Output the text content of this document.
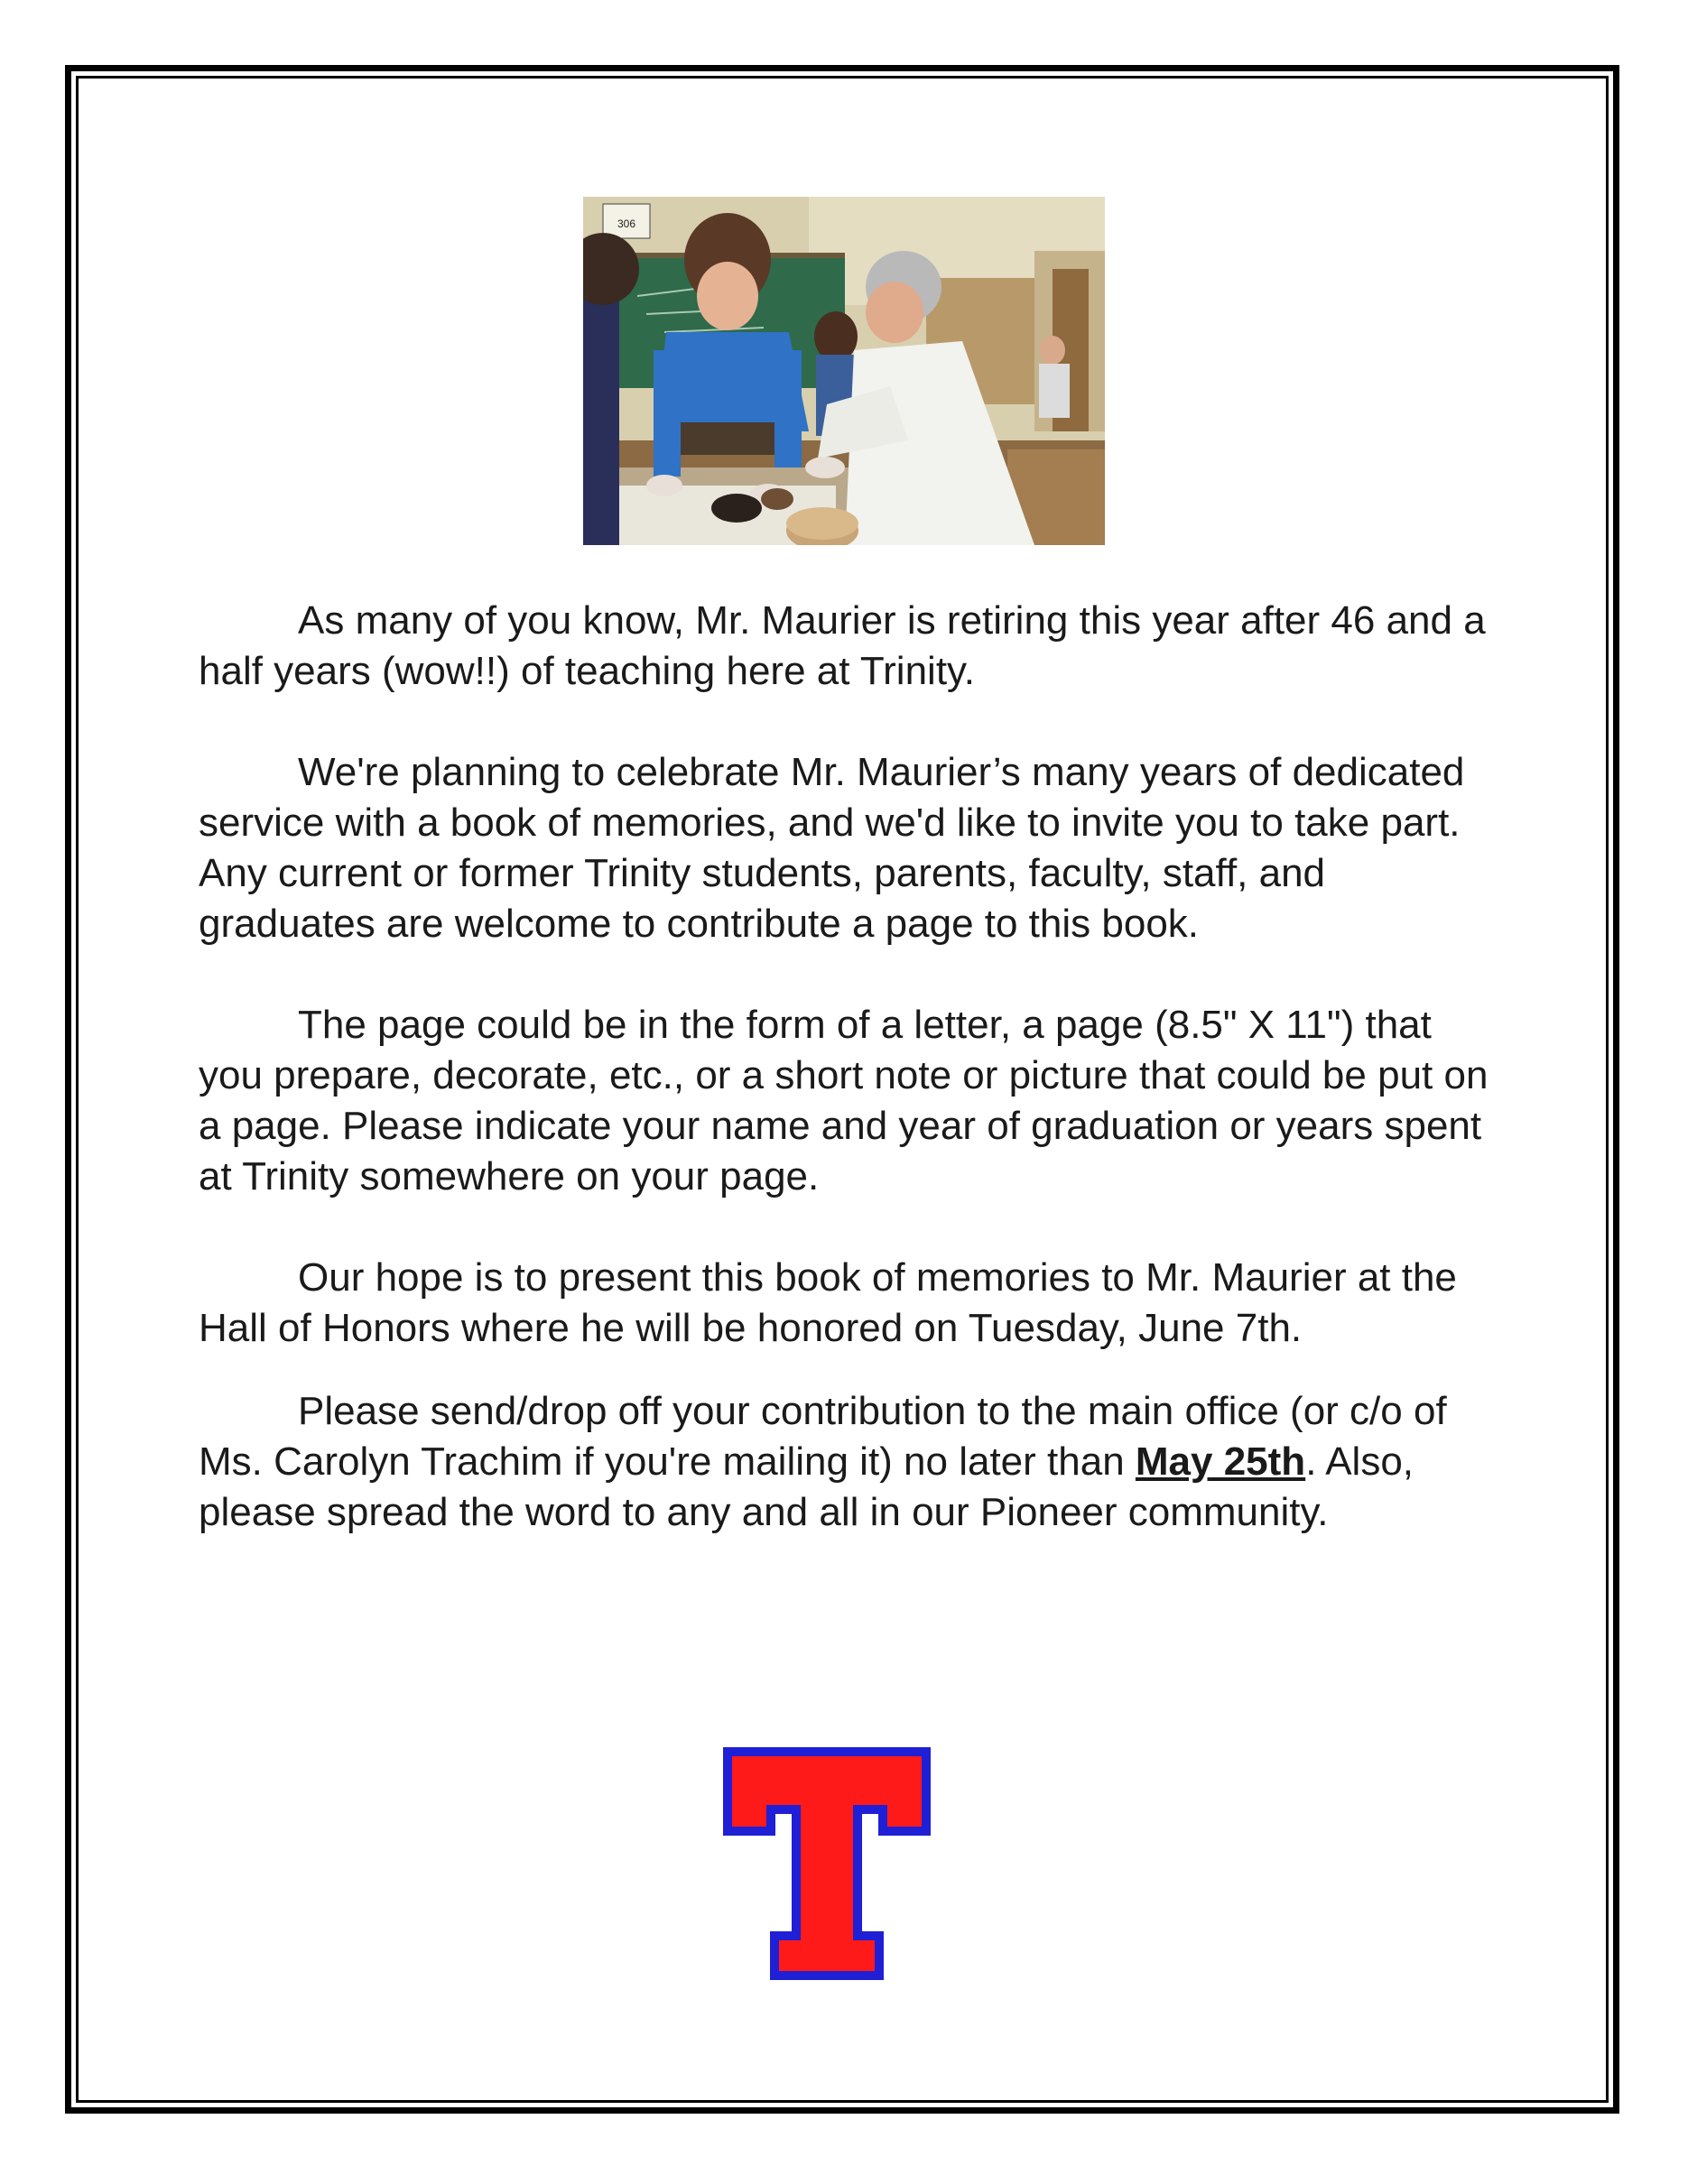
306

As many of you know, Mr. Maurier is retiring this year after 46 and a half years (wow!!) of teaching here at Trinity.

We're planning to celebrate Mr. Maurier’s many years of dedicated service with a book of memories, and we'd like to invite you to take part. Any current or former Trinity students, parents, faculty, staff, and graduates are welcome to contribute a page to this book.

The page could be in the form of a letter, a page (8.5" X 11") that you prepare, decorate, etc., or a short note or picture that could be put on a page. Please indicate your name and year of graduation or years spent at Trinity somewhere on your page.

Our hope is to present this book of memories to Mr. Maurier at the Hall of Honors where he will be honored on Tuesday, June 7th.

Please send/drop off your contribution to the main office (or c/o of Ms. Carolyn Trachim if you're mailing it) no later than May 25th. Also, please spread the word to any and all in our Pioneer community.
